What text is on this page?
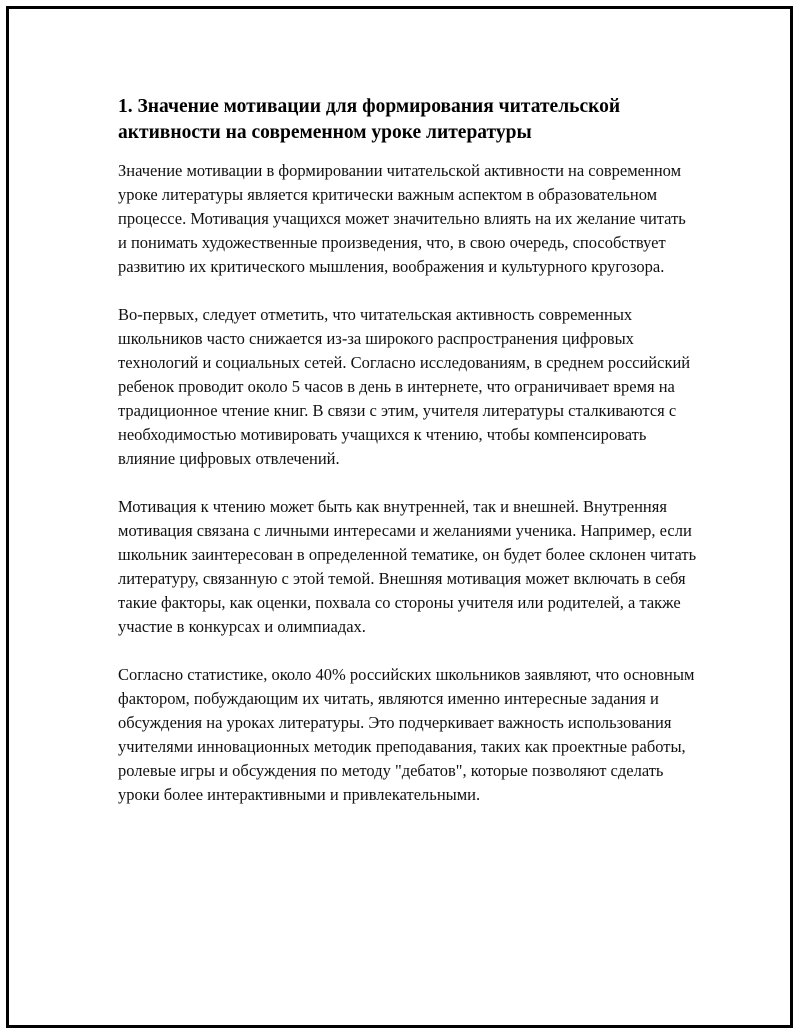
1. Значение мотивации для формирования читательской активности на современном уроке литературы

Значение мотивации в формировании читательской активности на современном уроке литературы является критически важным аспектом в образовательном процессе. Мотивация учащихся может значительно влиять на их желание читать и понимать художественные произведения, что, в свою очередь, способствует развитию их критического мышления, воображения и культурного кругозора.

Во-первых, следует отметить, что читательская активность современных школьников часто снижается из-за широкого распространения цифровых технологий и социальных сетей. Согласно исследованиям, в среднем российский ребенок проводит около 5 часов в день в интернете, что ограничивает время на традиционное чтение книг. В связи с этим, учителя литературы сталкиваются с необходимостью мотивировать учащихся к чтению, чтобы компенсировать влияние цифровых отвлечений.

Мотивация к чтению может быть как внутренней, так и внешней. Внутренняя мотивация связана с личными интересами и желаниями ученика. Например, если школьник заинтересован в определенной тематике, он будет более склонен читать литературу, связанную с этой темой. Внешняя мотивация может включать в себя такие факторы, как оценки, похвала со стороны учителя или родителей, а также участие в конкурсах и олимпиадах.

Согласно статистике, около 40% российских школьников заявляют, что основным фактором, побуждающим их читать, являются именно интересные задания и обсуждения на уроках литературы. Это подчеркивает важность использования учителями инновационных методик преподавания, таких как проектные работы, ролевые игры и обсуждения по методу "дебатов", которые позволяют сделать уроки более интерактивными и привлекательными.
